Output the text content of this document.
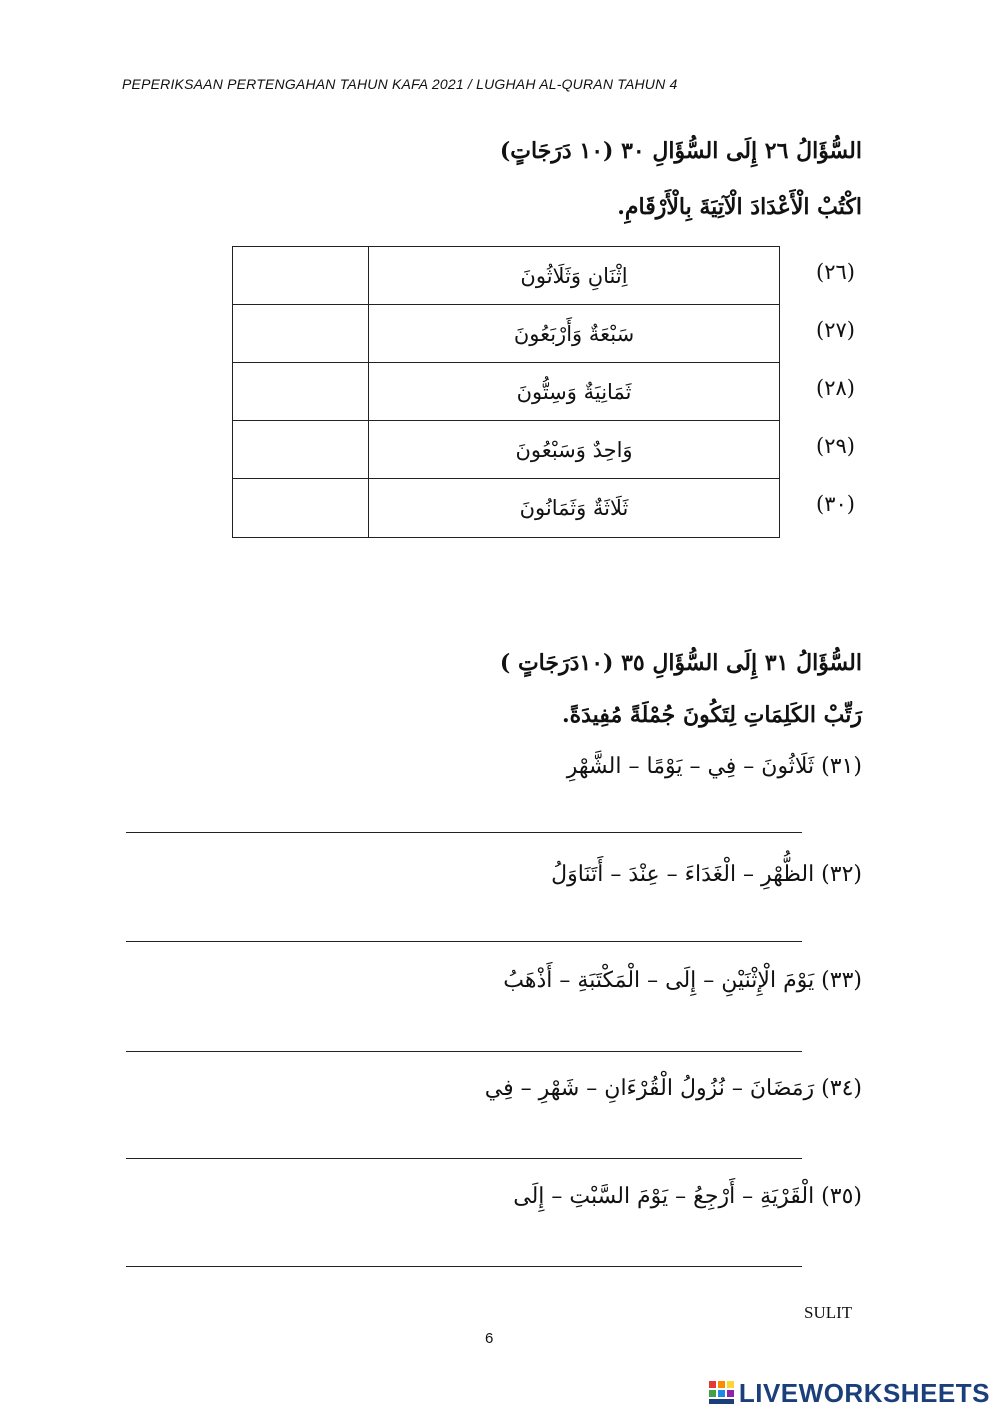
PEPERIKSAAN PERTENGAHAN TAHUN KAFA 2021 / LUGHAH AL-QURAN TAHUN 4
السُّؤَالُ ٢٦ إِلَى السُّؤَالِ ٣٠ (١٠ دَرَجَاتٍ)
اكْتُبْ الْأَعْدَادَ الْآتِيَةَ بِالْأَرْقَامِ.
اِثْنَانِ وَثَلَاثُونَ
سَبْعَةٌ وَأَرْبَعُونَ
ثَمَانِيَةٌ وَسِتُّونَ
وَاحِدٌ وَسَبْعُونَ
ثَلَاثَةٌ وَثَمَانُونَ
(٢٦)
(٢٧)
(٢٨)
(٢٩)
(٣٠)
السُّؤَالُ ٣١ إِلَى السُّؤَالِ ٣٥ (١٠دَرَجَاتٍ )
رَتِّبْ الكَلِمَاتِ لِتَكُونَ جُمْلَةً مُفِيدَةً.
(٣١) ثَلَاثُونَ – فِي – يَوْمًا – الشَّهْرِ
(٣٢) الظُّهْرِ – الْغَدَاءَ – عِنْدَ – أَتَنَاوَلُ
(٣٣) يَوْمَ الْإِثْنَيْنِ – إِلَى – الْمَكْتَبَةِ – أَذْهَبُ
(٣٤) رَمَضَانَ – نُزُولُ الْقُرْءَانِ – شَهْرِ – فِي
(٣٥) الْقَرْيَةِ – أَرْجِعُ – يَوْمَ السَّبْتِ – إِلَى
SULIT
6
LIVEWORKSHEETS
